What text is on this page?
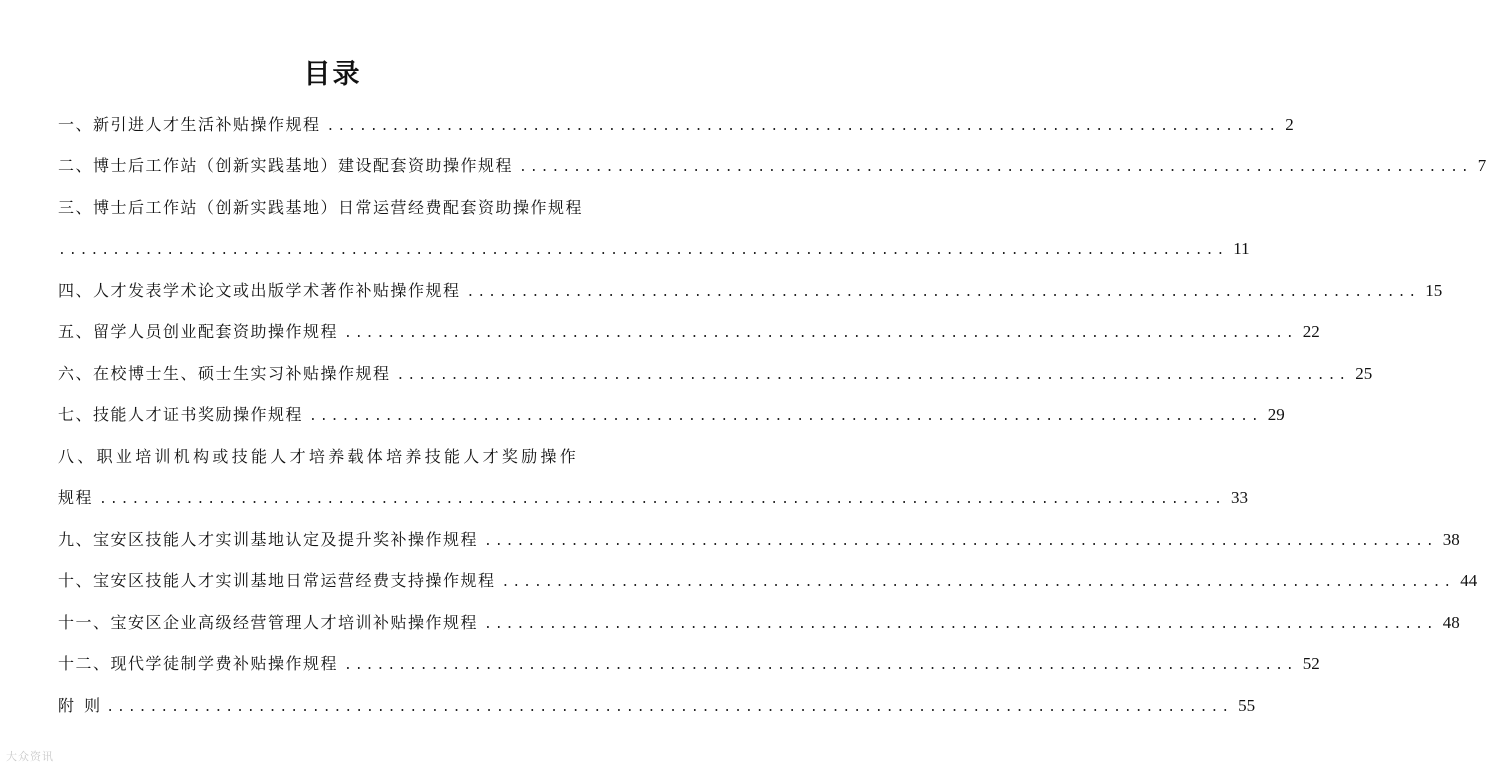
目录
一、新引进人才生活补贴操作规程 ........................................................................................ 2
二、博士后工作站（创新实践基地）建设配套资助操作规程 ........................................................................................ 7
三、博士后工作站（创新实践基地）日常运营经费配套资助操作规程
............................................................................................................ 11
四、人才发表学术论文或出版学术著作补贴操作规程 ........................................................................................ 15
五、留学人员创业配套资助操作规程 ........................................................................................ 22
六、在校博士生、硕士生实习补贴操作规程 ........................................................................................ 25
七、技能人才证书奖励操作规程 ........................................................................................ 29
八、职业培训机构或技能人才培养载体培养技能人才奖励操作
规程 ........................................................................................................ 33
九、宝安区技能人才实训基地认定及提升奖补操作规程 ........................................................................................ 38
十、宝安区技能人才实训基地日常运营经费支持操作规程 ........................................................................................ 44
十一、宝安区企业高级经营管理人才培训补贴操作规程 ........................................................................................ 48
十二、现代学徒制学费补贴操作规程 ........................................................................................ 52
附  则 ........................................................................................................ 55
大众资讯
